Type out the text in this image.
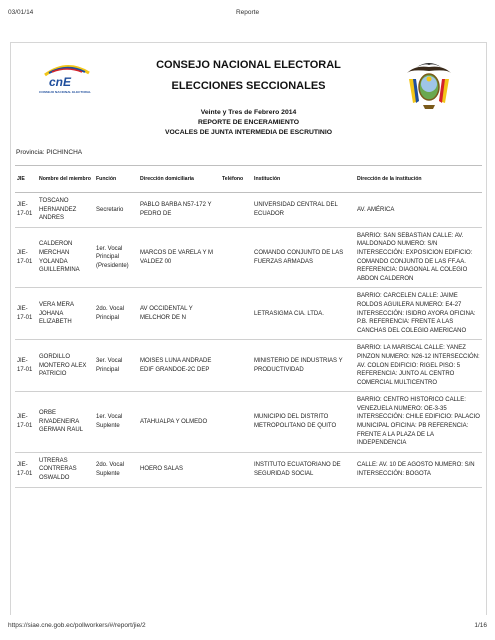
03/01/14	Reporte
cnE
CONSEJO NACIONAL ELECTORAL
CONSEJO NACIONAL ELECTORAL
ELECCIONES SECCIONALES
Veinte y Tres de Febrero 2014
REPORTE DE ENCERAMIENTO
VOCALES DE JUNTA INTERMEDIA DE ESCRUTINIO
Provincia: PICHINCHA
JIE	Nombre del miembro	Función	Dirección domiciliaria	Teléfono	Institución	Dirección de la institución
JIE-17-01	TOSCANO HERNANDEZ ANDRES	Secretario	PABLO BARBA N57-172 Y PEDRO DE		UNIVERSIDAD CENTRAL DEL ECUADOR	AV. AMÉRICA
JIE-17-01	CALDERON MERCHAN YOLANDA GUILLERMINA	1er. Vocal Principal (Presidente)	MARCOS DE VARELA Y M VALDEZ 00		COMANDO CONJUNTO DE LAS FUERZAS ARMADAS	BARRIO: SAN SEBASTIAN CALLE: AV. MALDONADO NUMERO: S/N INTERSECCIÓN: EXPOSICION EDIFICIO: COMANDO CONJUNTO DE LAS FF.AA. REFERENCIA: DIAGONAL AL COLEGIO ABDON CALDERON
JIE-17-01	VERA MERA JOHANA ELIZABETH	2do. Vocal Principal	AV OCCIDENTAL Y MELCHOR DE N		LETRASIGMA CIA. LTDA.	BARRIO: CARCELEN CALLE: JAIME ROLDOS AGUILERA NUMERO: E4-27 INTERSECCIÓN: ISIDRO AYORA OFICINA: P.B. REFERENCIA: FRENTE A LAS CANCHAS DEL COLEGIO AMERICANO
JIE-17-01	GORDILLO MONTERO ALEX PATRICIO	3er. Vocal Principal	MOISES LUNA ANDRADE EDIF GRANDOE-2C DEP		MINISTERIO DE INDUSTRIAS Y PRODUCTIVIDAD	BARRIO: LA MARISCAL CALLE: YANEZ PINZON NUMERO: N26-12 INTERSECCIÓN: AV. COLON EDIFICIO: RIGEL PISO: 5 REFERENCIA: JUNTO AL CENTRO COMERCIAL MULTICENTRO
JIE-17-01	ORBE RIVADENEIRA GERMAN RAUL	1er. Vocal Suplente	ATAHUALPA Y OLMEDO		MUNICIPIO DEL DISTRITO METROPOLITANO DE QUITO	BARRIO: CENTRO HISTORICO CALLE: VENEZUELA NUMERO: OE-3-35 INTERSECCIÓN: CHILE EDIFICIO: PALACIO MUNICIPAL OFICINA: PB REFERENCIA: FRENTE A LA PLAZA DE LA INDEPENDENCIA
JIE-17-01	UTRERAS CONTRERAS OSWALDO	2do. Vocal Suplente	HOERO SALAS		INSTITUTO ECUATORIANO DE SEGURIDAD SOCIAL	CALLE: AV. 10 DE AGOSTO NUMERO: S/N INTERSECCIÓN: BOGOTA
https://siae.cne.gob.ec/pollworkers/#/report/jie/2	1/16
